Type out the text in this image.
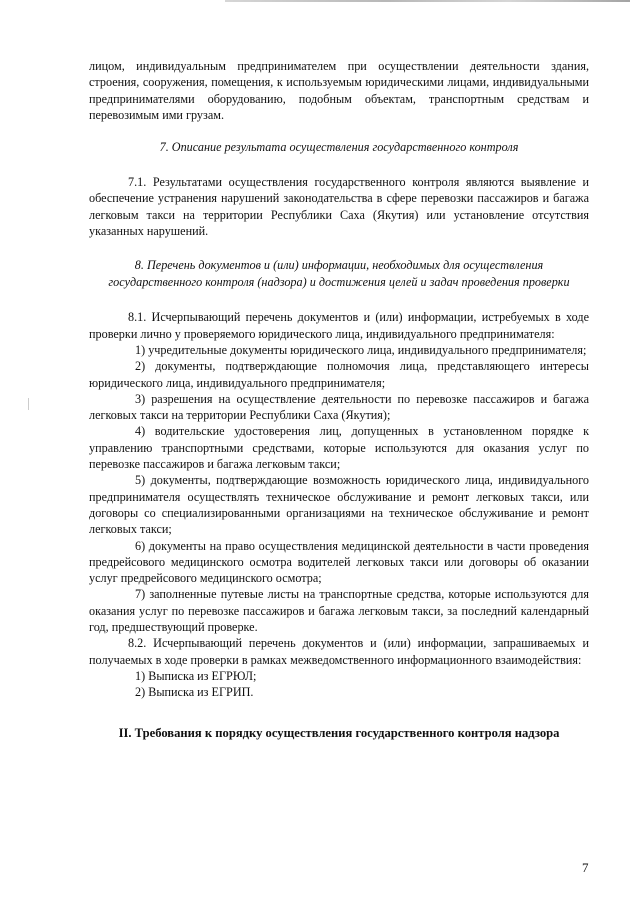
лицом, индивидуальным предпринимателем при осуществлении деятельности здания, строения, сооружения, помещения, к используемым юридическими лицами, индивидуальными предпринимателями оборудованию, подобным объектам, транспортным средствам и перевозимым ими грузам.

7. Описание результата осуществления государственного контроля

7.1. Результатами осуществления государственного контроля являются выявление и обеспечение устранения нарушений законодательства в сфере перевозки пассажиров и багажа легковым такси на территории Республики Саха (Якутия) или установление отсутствия указанных нарушений.

8. Перечень документов и (или) информации, необходимых для осуществления государственного контроля (надзора) и достижения целей и задач проведения проверки

8.1. Исчерпывающий перечень документов и (или) информации, истребуемых в ходе проверки лично у проверяемого юридического лица, индивидуального предпринимателя:

1) учредительные документы юридического лица, индивидуального предпринимателя;

2) документы, подтверждающие полномочия лица, представляющего интересы юридического лица, индивидуального предпринимателя;

3) разрешения на осуществление деятельности по перевозке пассажиров и багажа легковых такси на территории Республики Саха (Якутия);

4) водительские удостоверения лиц, допущенных в установленном порядке к управлению транспортными средствами, которые используются для оказания услуг по перевозке пассажиров и багажа легковым такси;

5) документы, подтверждающие возможность юридического лица, индивидуального предпринимателя осуществлять техническое обслуживание и ремонт легковых такси, или договоры со специализированными организациями на техническое обслуживание и ремонт легковых такси;

6) документы на право осуществления медицинской деятельности в части проведения предрейсового медицинского осмотра водителей легковых такси или договоры об оказании услуг предрейсового медицинского осмотра;

7) заполненные путевые листы на транспортные средства, которые используются для оказания услуг по перевозке пассажиров и багажа легковым такси, за последний календарный год, предшествующий проверке.

8.2. Исчерпывающий перечень документов и (или) информации, запрашиваемых и получаемых в ходе проверки в рамках межведомственного информационного взаимодействия:

1) Выписка из ЕГРЮЛ;

2) Выписка из ЕГРИП.

II. Требования к порядку осуществления государственного контроля надзора

7
